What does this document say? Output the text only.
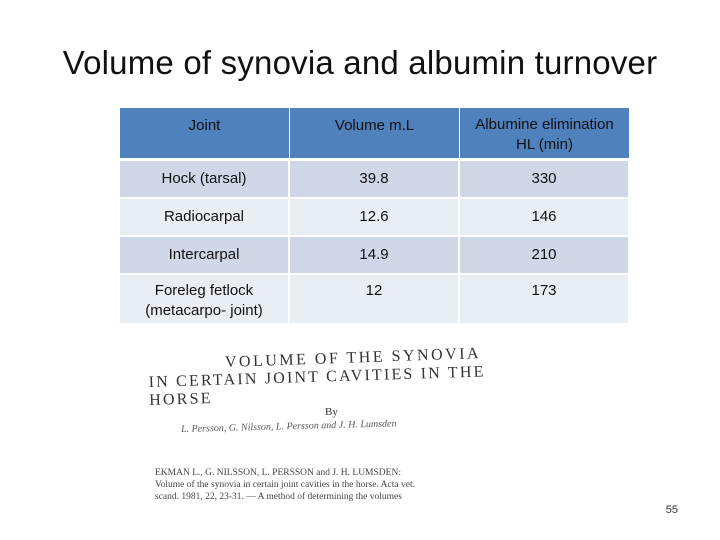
Volume of synovia and albumin turnover
Joint	Volume m.L	Albumine elimination HL (min)

Hock (tarsal)	39.8	330

Radiocarpal	12.6	146

Intercarpal	14.9	210

Foreleg fetlock (metacarpo- joint)	12	173
VOLUME OF THE SYNOVIA
IN CERTAIN JOINT CAVITIES IN THE HORSE
By
L. Persson, G. Nilsson, L. Persson and J. H. Lumsden
EKMAN L., G. NILSSON, L. PERSSON and J. H. LUMSDEN:
Volume of the synovia in certain joint cavities in the horse. Acta vet.
scand. 1981, 22, 23-31. — A method of determining the volumes
55
